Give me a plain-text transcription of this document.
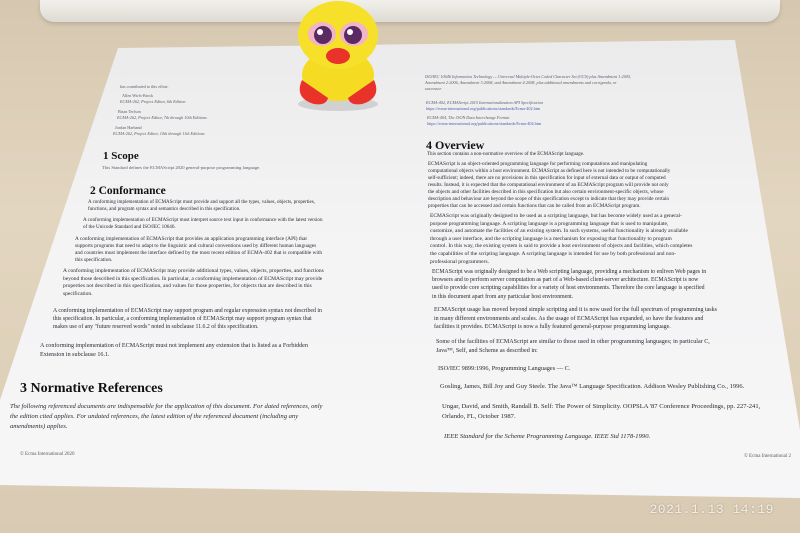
has contributed to this effort:
Allen Wirfs-Brock
ECMA-262, Project Editor, 6th Edition
Brian Terlson
ECMA-262, Project Editor, 7th through 10th Editions
Jordan Harband
ECMA-262, Project Editor, 10th through 11th Editions
1 Scope
This Standard defines the ECMAScript 2020 general-purpose programming language.
2 Conformance
A conforming implementation of ECMAScript must provide and support all the types, values, objects, properties,
functions, and program syntax and semantics described in this specification.
A conforming implementation of ECMAScript must interpret source text input in conformance with the latest version
of the Unicode Standard and ISO/IEC 10646.
A conforming implementation of ECMAScript that provides an application programming interface (API) that
supports programs that need to adapt to the linguistic and cultural conventions used by different human languages
and countries must implement the interface defined by the most recent edition of ECMA-402 that is compatible with
this specification.
A conforming implementation of ECMAScript may provide additional types, values, objects, properties, and functions
beyond those described in this specification. In particular, a conforming implementation of ECMAScript may provide
properties not described in this specification, and values for those properties, for objects that are described in this
specification.
A conforming implementation of ECMAScript may support program and regular expression syntax not described in
this specification. In particular, a conforming implementation of ECMAScript may support program syntax that
makes use of any "future reserved words" noted in subclause 11.6.2 of this specification.
A conforming implementation of ECMAScript must not implement any extension that is listed as a Forbidden
Extension in subclause 16.1.
3 Normative References
The following referenced documents are indispensable for the application of this document. For dated references, only
the edition cited applies. For undated references, the latest edition of the referenced document (including any
amendments) applies.
© Ecma International 2020
ISO/IEC 10646 Information Technology — Universal Multiple-Octet Coded Character Set (UCS) plus Amendment 1:2005,
Amendment 2:2006, Amendment 3:2008, and Amendment 4:2008, plus additional amendments and corrigenda, or
successor
ECMA-402, ECMAScript 2015 Internationalization API Specification
https://ecma-international.org/publications/standards/Ecma-402.htm
ECMA-404, The JSON Data Interchange Format
https://ecma-international.org/publications/standards/Ecma-404.htm
4 Overview
This section contains a non-normative overview of the ECMAScript language.
ECMAScript is an object-oriented programming language for performing computations and manipulating
computational objects within a host environment. ECMAScript as defined here is not intended to be computationally
self-sufficient; indeed, there are no provisions in this specification for input of external data or output of computed
results. Instead, it is expected that the computational environment of an ECMAScript program will provide not only
the objects and other facilities described in this specification but also certain environment-specific objects, whose
description and behaviour are beyond the scope of this specification except to indicate that they may provide certain
properties that can be accessed and certain functions that can be called from an ECMAScript program.
ECMAScript was originally designed to be used as a scripting language, but has become widely used as a general-
purpose programming language. A scripting language is a programming language that is used to manipulate,
customize, and automate the facilities of an existing system. In such systems, useful functionality is already available
through a user interface, and the scripting language is a mechanism for exposing that functionality to program
control. In this way, the existing system is said to provide a host environment of objects and facilities, which completes
the capabilities of the scripting language. A scripting language is intended for use by both professional and non-
professional programmers.
ECMAScript was originally designed to be a Web scripting language, providing a mechanism to enliven Web pages in
browsers and to perform server computation as part of a Web-based client-server architecture. ECMAScript is now
used to provide core scripting capabilities for a variety of host environments. Therefore the core language is specified
in this document apart from any particular host environment.
ECMAScript usage has moved beyond simple scripting and it is now used for the full spectrum of programming tasks
in many different environments and scales. As the usage of ECMAScript has expanded, so have the features and
facilities it provides. ECMAScript is now a fully featured general-purpose programming language.
Some of the facilities of ECMAScript are similar to those used in other programming languages; in particular C,
Java™, Self, and Scheme as described in:
ISO/IEC 9899:1996, Programming Languages — C.
Gosling, James, Bill Joy and Guy Steele. The Java™ Language Specification. Addison Wesley Publishing Co., 1996.
Ungar, David, and Smith, Randall B. Self: The Power of Simplicity. OOPSLA '87 Conference Proceedings, pp. 227-241,
Orlando, FL, October 1987.
IEEE Standard for the Scheme Programming Language. IEEE Std 1178-1990.
© Ecma International 2
2021.1.13 14:19
